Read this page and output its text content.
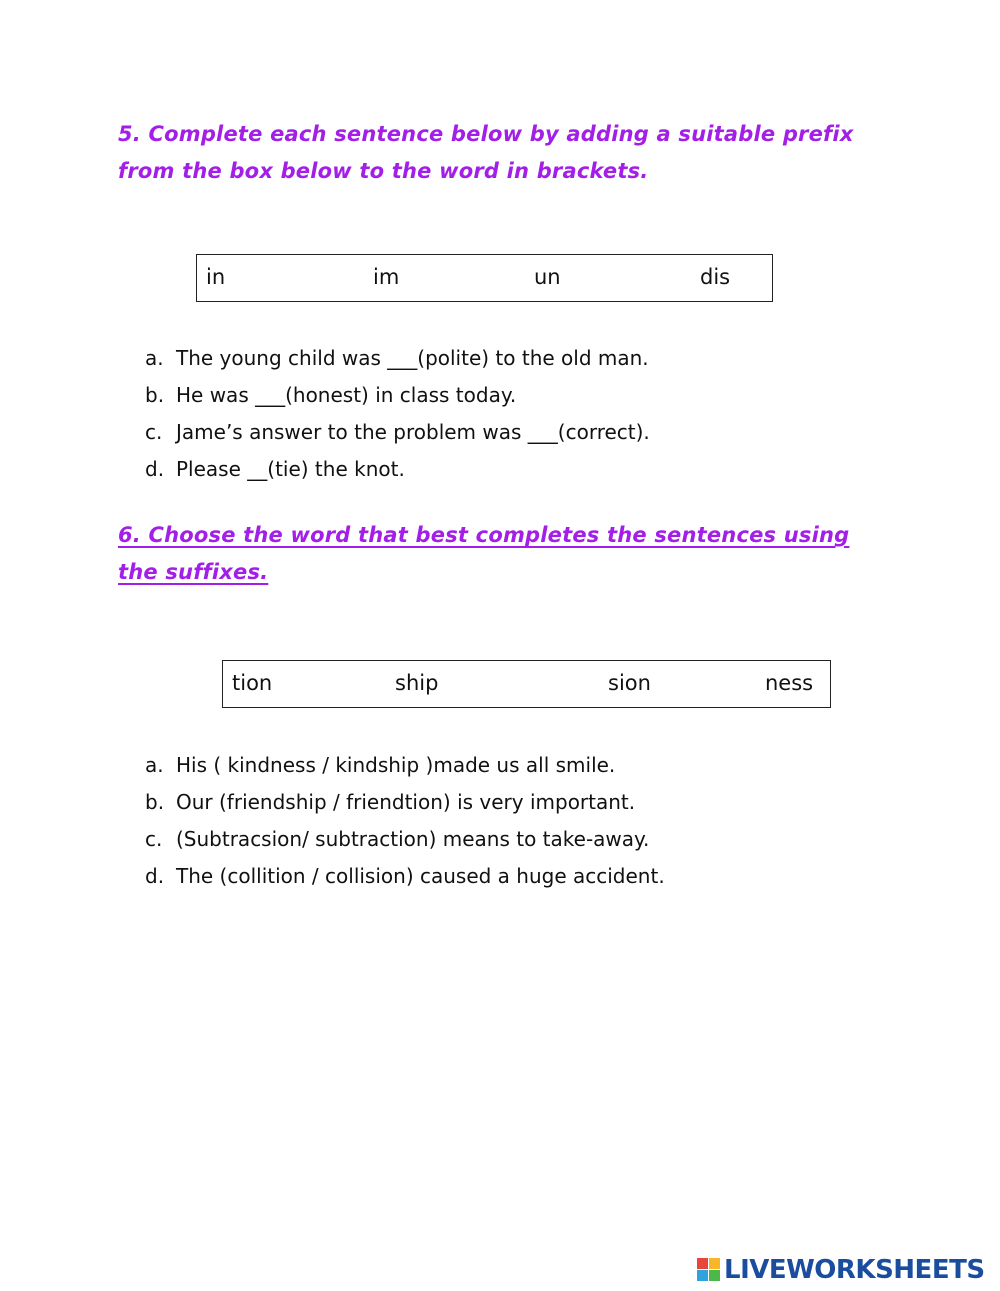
5. Complete each sentence below by adding a suitable prefix from the box below to the word in brackets.

in	im	un	dis
a. The young child was ___(polite) to the old man.
b. He was ___(honest) in class today.
c. Jame’s answer to the problem was ___(correct).
d. Please __(tie) the knot.

6. Choose the word that best completes the sentences using the suffixes.

tion	ship	sion	ness
a. His ( kindness / kindship )made us all smile.
b. Our (friendship / friendtion) is very important.
c. (Subtracsion/ subtraction) means to take-away.
d. The (collition / collision) caused a huge accident.
LIVEWORKSHEETS
